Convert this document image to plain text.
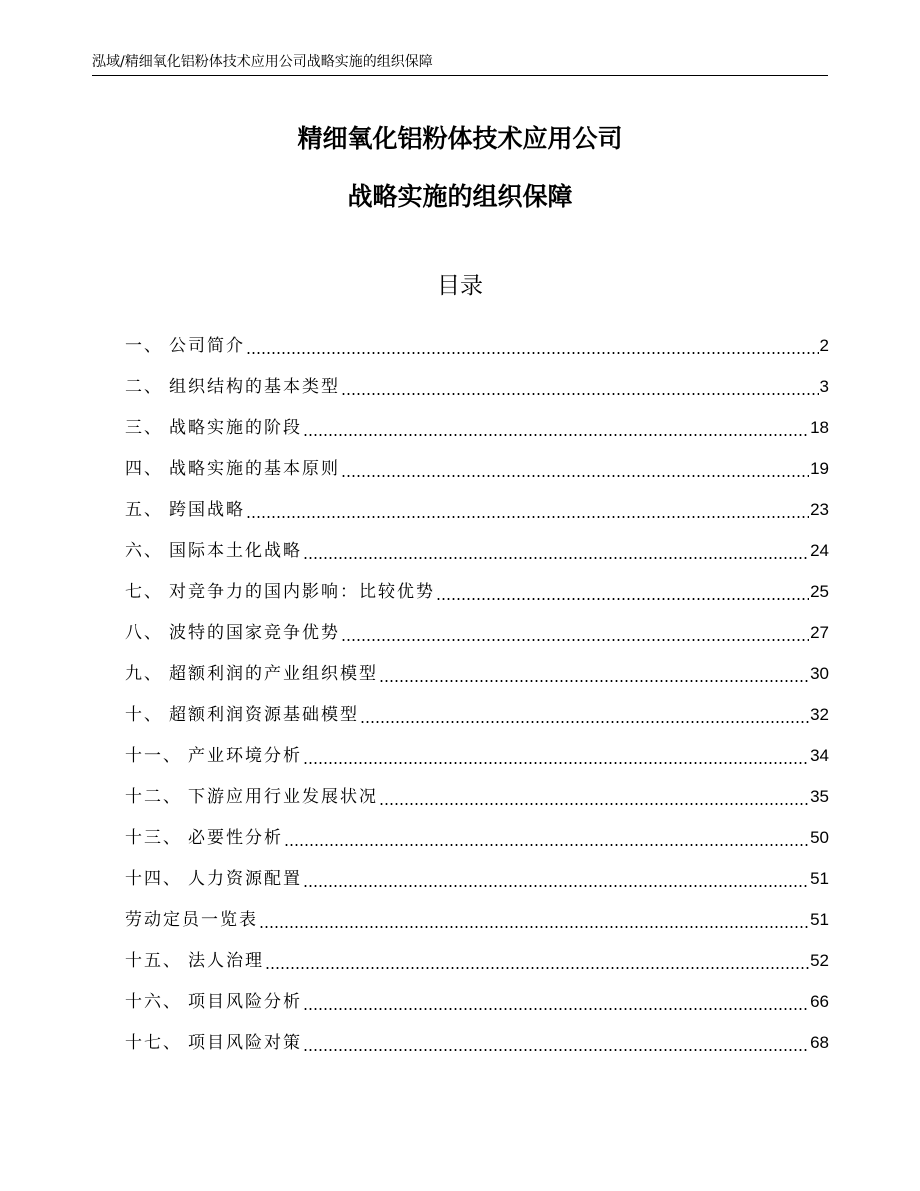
泓域/精细氧化铝粉体技术应用公司战略实施的组织保障
精细氧化铝粉体技术应用公司
战略实施的组织保障
目录
一、 公司简介	2
二、 组织结构的基本类型	3
三、 战略实施的阶段	18
四、 战略实施的基本原则	19
五、 跨国战略	23
六、 国际本土化战略	24
七、 对竞争力的国内影响：比较优势	25
八、 波特的国家竞争优势	27
九、 超额利润的产业组织模型	30
十、 超额利润资源基础模型	32
十一、 产业环境分析	34
十二、 下游应用行业发展状况	35
十三、 必要性分析	50
十四、 人力资源配置	51
劳动定员一览表	51
十五、 法人治理	52
十六、 项目风险分析	66
十七、 项目风险对策	68
